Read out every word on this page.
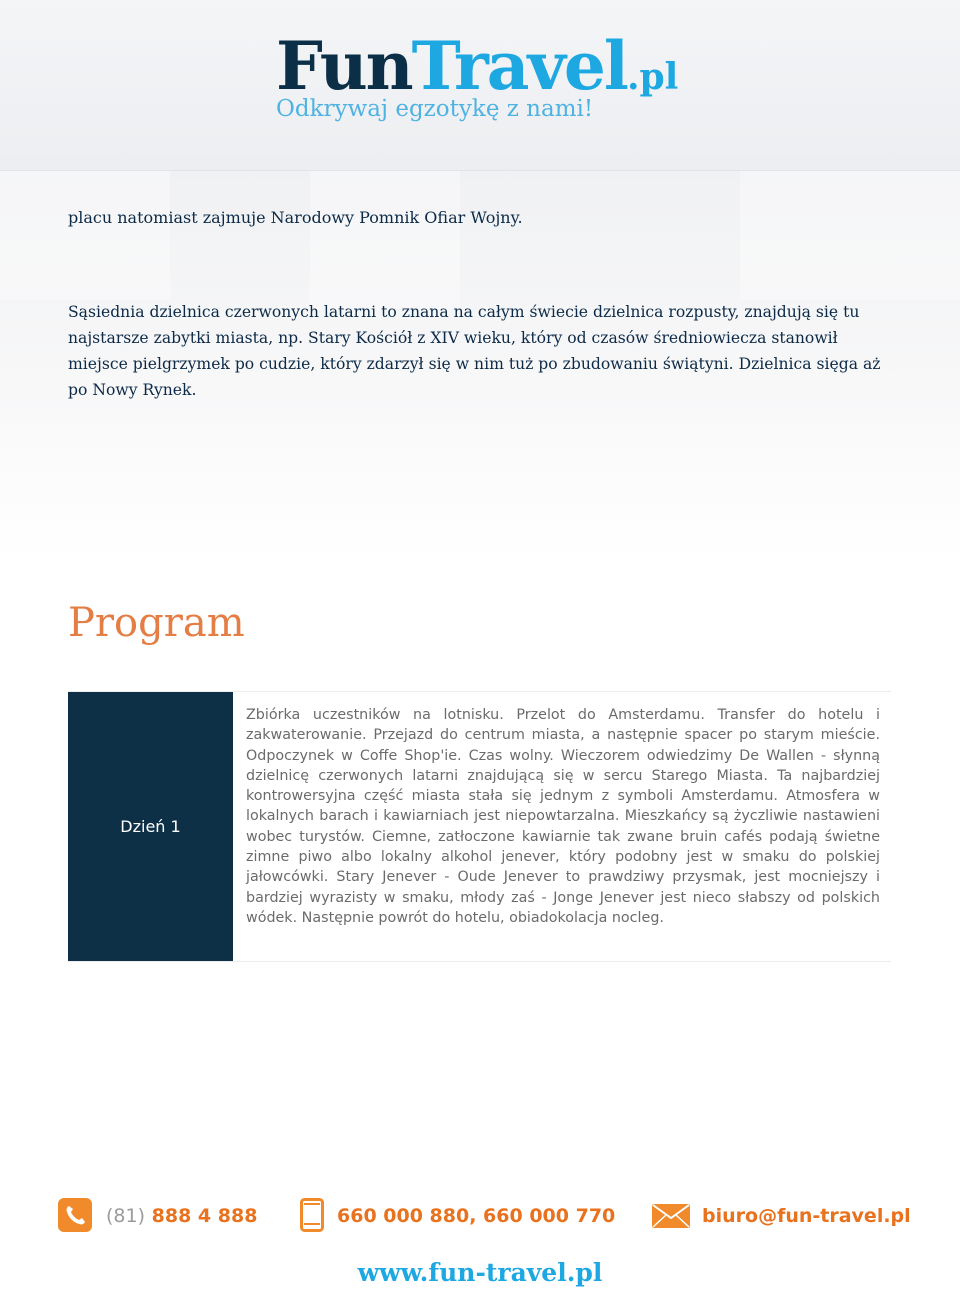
FunTravel.pl
Odkrywaj egzotykę z nami!
placu natomiast zajmuje Narodowy Pomnik Ofiar Wojny.
Sąsiednia dzielnica czerwonych latarni to znana na całym świecie dzielnica rozpusty, znajdują się tu najstarsze zabytki miasta, np. Stary Kościół z XIV wieku, który od czasów średniowiecza stanowił miejsce pielgrzymek po cudzie, który zdarzył się w nim tuż po zbudowaniu świątyni. Dzielnica sięga aż po Nowy Rynek.
Program
Dzień 1
Zbiórka uczestników na lotnisku. Przelot do Amsterdamu. Transfer do hotelu i zakwaterowanie. Przejazd do centrum miasta, a następnie spacer po starym mieście. Odpoczynek w Coffe Shop'ie. Czas wolny. Wieczorem odwiedzimy De Wallen - słynną dzielnicę czerwonych latarni znajdującą się w sercu Starego Miasta. Ta najbardziej kontrowersyjna część miasta stała się jednym z symboli Amsterdamu. Atmosfera w lokalnych barach i kawiarniach jest niepowtarzalna. Mieszkańcy są życzliwie nastawieni wobec turystów. Ciemne, zatłoczone kawiarnie tak zwane bruin cafés podają świetne zimne piwo albo lokalny alkohol jenever, który podobny jest w smaku do polskiej jałowcówki. Stary Jenever - Oude Jenever to prawdziwy przysmak, jest mocniejszy i bardziej wyrazisty w smaku, młody zaś - Jonge Jenever jest nieco słabszy od polskich wódek. Następnie powrót do hotelu, obiadokolacja nocleg.
(81) 888 4 888	660 000 880, 660 000 770	biuro@fun-travel.pl
www.fun-travel.pl
